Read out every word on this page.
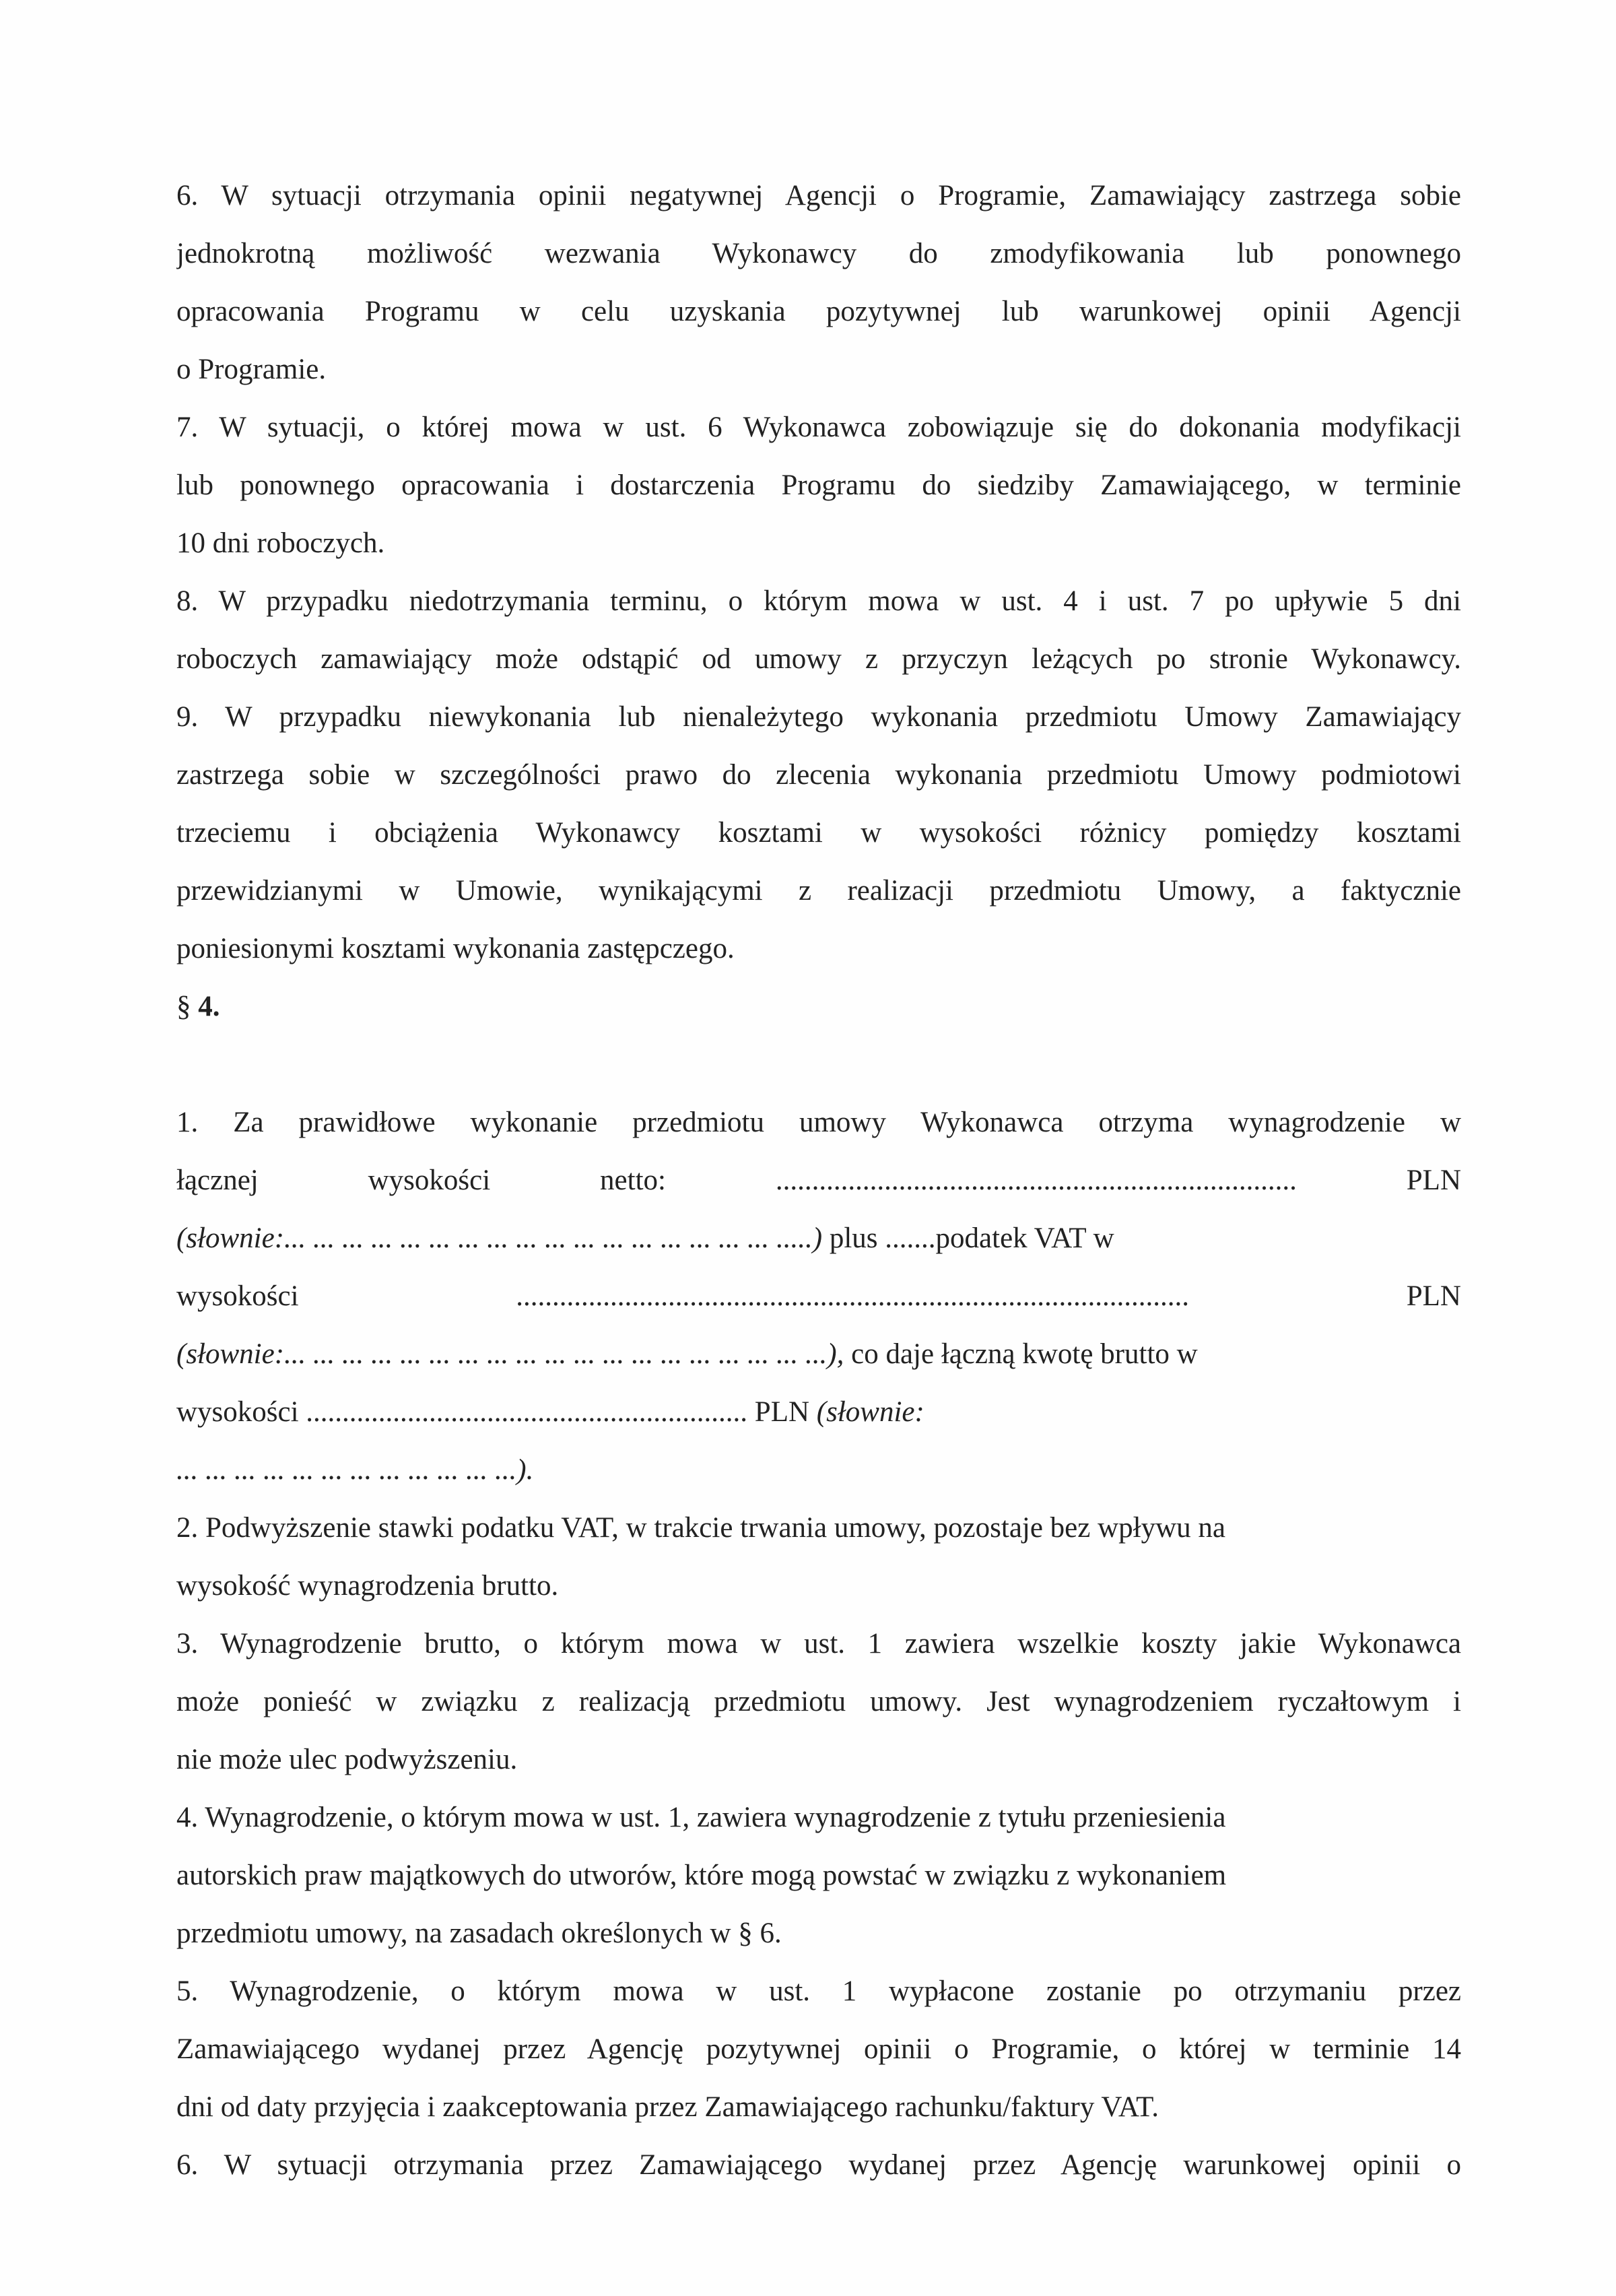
6. W sytuacji otrzymania opinii negatywnej Agencji o Programie, Zamawiający zastrzega sobie
jednokrotną możliwość wezwania Wykonawcy do zmodyfikowania lub ponownego
opracowania Programu w celu uzyskania pozytywnej lub warunkowej opinii Agencji
o Programie.
7. W sytuacji, o której mowa w ust. 6 Wykonawca zobowiązuje się do dokonania modyfikacji
lub ponownego opracowania i dostarczenia Programu do siedziby Zamawiającego, w terminie
10 dni roboczych.
8. W przypadku niedotrzymania terminu, o którym mowa w ust. 4 i ust. 7 po upływie 5 dni
roboczych zamawiający może odstąpić od umowy z przyczyn leżących po stronie Wykonawcy.
9. W przypadku niewykonania lub nienależytego wykonania przedmiotu Umowy Zamawiający
zastrzega sobie w szczególności prawo do zlecenia wykonania przedmiotu Umowy podmiotowi
trzeciemu i obciążenia Wykonawcy kosztami w wysokości różnicy pomiędzy kosztami
przewidzianymi w Umowie, wynikającymi z realizacji przedmiotu Umowy, a faktycznie
poniesionymi kosztami wykonania zastępczego.
§ 4.
1. Za prawidłowe wykonanie przedmiotu umowy Wykonawca otrzyma wynagrodzenie w
łącznej wysokości netto: ........................................................................ PLN
(słownie:... ... ... ... ... ... ... ... ... ... ... ... ... ... ... ... ... .....) plus .......podatek VAT w
wysokości ............................................................................................. PLN
(słownie:... ... ... ... ... ... ... ... ... ... ... ... ... ... ... ... ... ... ...), co daje łączną kwotę brutto w
wysokości ............................................................. PLN (słownie:
... ... ... ... ... ... ... ... ... ... ... ...).
2. Podwyższenie stawki podatku VAT, w trakcie trwania umowy, pozostaje bez wpływu na
wysokość wynagrodzenia brutto.
3. Wynagrodzenie brutto, o którym mowa w ust. 1 zawiera wszelkie koszty jakie Wykonawca
może ponieść w związku z realizacją przedmiotu umowy. Jest wynagrodzeniem ryczałtowym i
nie może ulec podwyższeniu.
4. Wynagrodzenie, o którym mowa w ust. 1, zawiera wynagrodzenie z tytułu przeniesienia
autorskich praw majątkowych do utworów, które mogą powstać w związku z wykonaniem
przedmiotu umowy, na zasadach określonych w § 6.
5. Wynagrodzenie, o którym mowa w ust. 1 wypłacone zostanie po otrzymaniu przez
Zamawiającego wydanej przez Agencję pozytywnej opinii o Programie, o której w terminie 14
dni od daty przyjęcia i zaakceptowania przez Zamawiającego rachunku/faktury VAT.
6. W sytuacji otrzymania przez Zamawiającego wydanej przez Agencję warunkowej opinii o
